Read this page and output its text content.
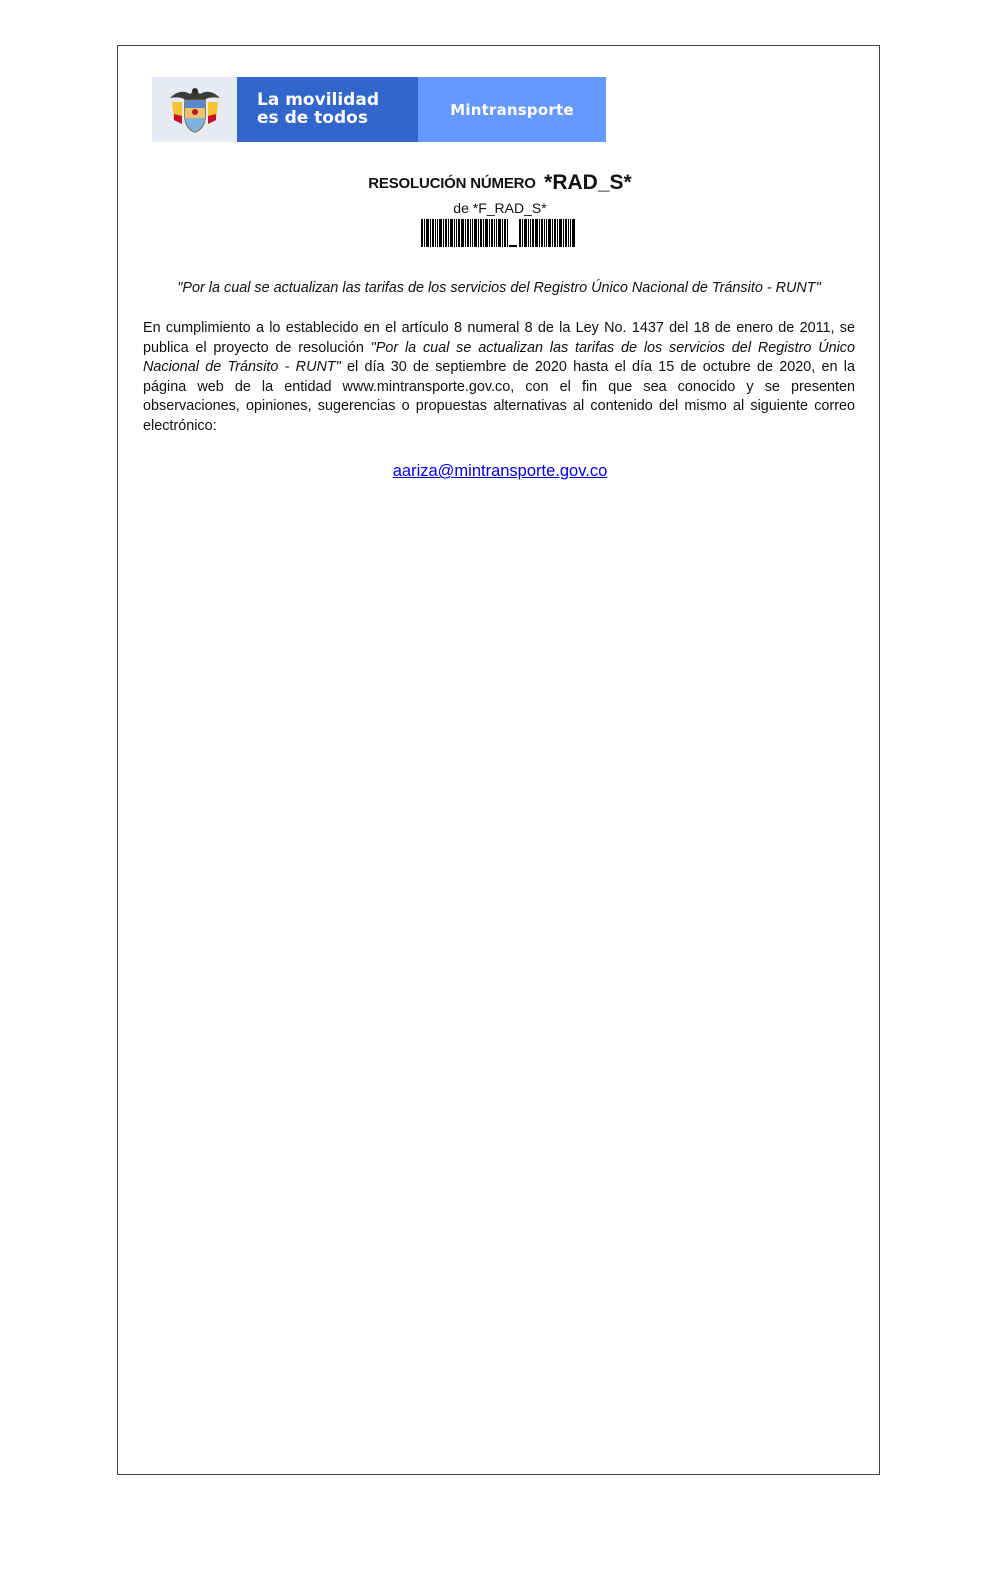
La movilidad
es de todos	Mintransporte
RESOLUCIÓN NÚMERO *RAD_S*
de *F_RAD_S*
"Por la cual se actualizan las tarifas de los servicios del Registro Único Nacional de Tránsito - RUNT"
En cumplimiento a lo establecido en el artículo 8 numeral 8 de la Ley No. 1437 del 18 de enero de 2011, se publica el proyecto de resolución "Por la cual se actualizan las tarifas de los servicios del Registro Único Nacional de Tránsito - RUNT" el día 30 de septiembre de 2020 hasta el día 15 de octubre de 2020, en la página web de la entidad www.mintransporte.gov.co, con el fin que sea conocido y se presenten observaciones, opiniones, sugerencias o propuestas alternativas al contenido del mismo al siguiente correo electrónico:
aariza@mintransporte.gov.co
